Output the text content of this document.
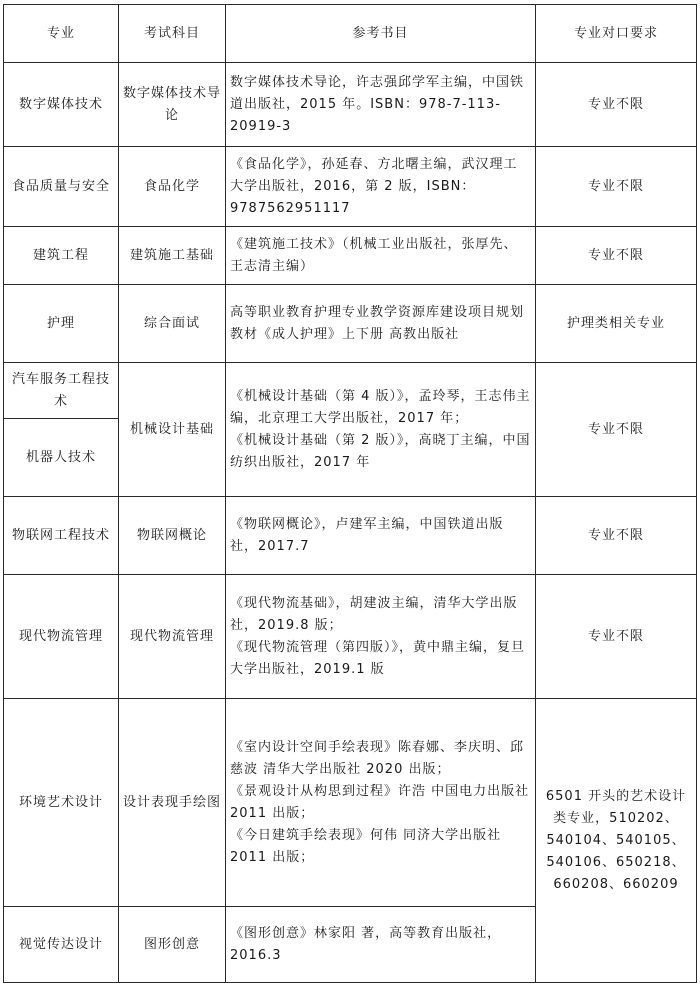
专业	考试科目	参考书目	专业对口要求
数字媒体技术	数字媒体技术导论	数字媒体技术导论，许志强邱学军主编，中国铁道出版社，2015 年。ISBN：978-7-113-20919-3	专业不限
食品质量与安全	食品化学	《食品化学》，孙延春、方北曙主编，武汉理工大学出版社，2016，第 2 版，ISBN：9787562951117	专业不限
建筑工程	建筑施工基础	《建筑施工技术》（机械工业出版社，张厚先、王志清主编）	专业不限
护理	综合面试	高等职业教育护理专业教学资源库建设项目规划教材《成人护理》上下册 高教出版社	护理类相关专业
汽车服务工程技术	机械设计基础	《机械设计基础（第 4 版）》，孟玲琴，王志伟主编，北京理工大学出版社，2017 年；
《机械设计基础（第 2 版）》，高晓丁主编，中国纺织出版社，2017 年	专业不限
机器人技术			
物联网工程技术	物联网概论	《物联网概论》，卢建军主编，中国铁道出版社，2017.7	专业不限
现代物流管理	现代物流管理	《现代物流基础》，胡建波主编，清华大学出版社，2019.8 版；
《现代物流管理（第四版）》，黄中鼎主编，复旦大学出版社，2019.1 版	专业不限
环境艺术设计	设计表现手绘图	《室内设计空间手绘表现》陈春娜、李庆明、邱慈波 清华大学出版社 2020 出版；
《景观设计从构思到过程》许浩 中国电力出版社 2011 出版；
《今日建筑手绘表现》何伟 同济大学出版社 2011 出版；	6501 开头的艺术设计类专业，510202、540104、540105、
540106、650218、
660208、660209
视觉传达设计	图形创意	《图形创意》林家阳 著，高等教育出版社，2016.3	
